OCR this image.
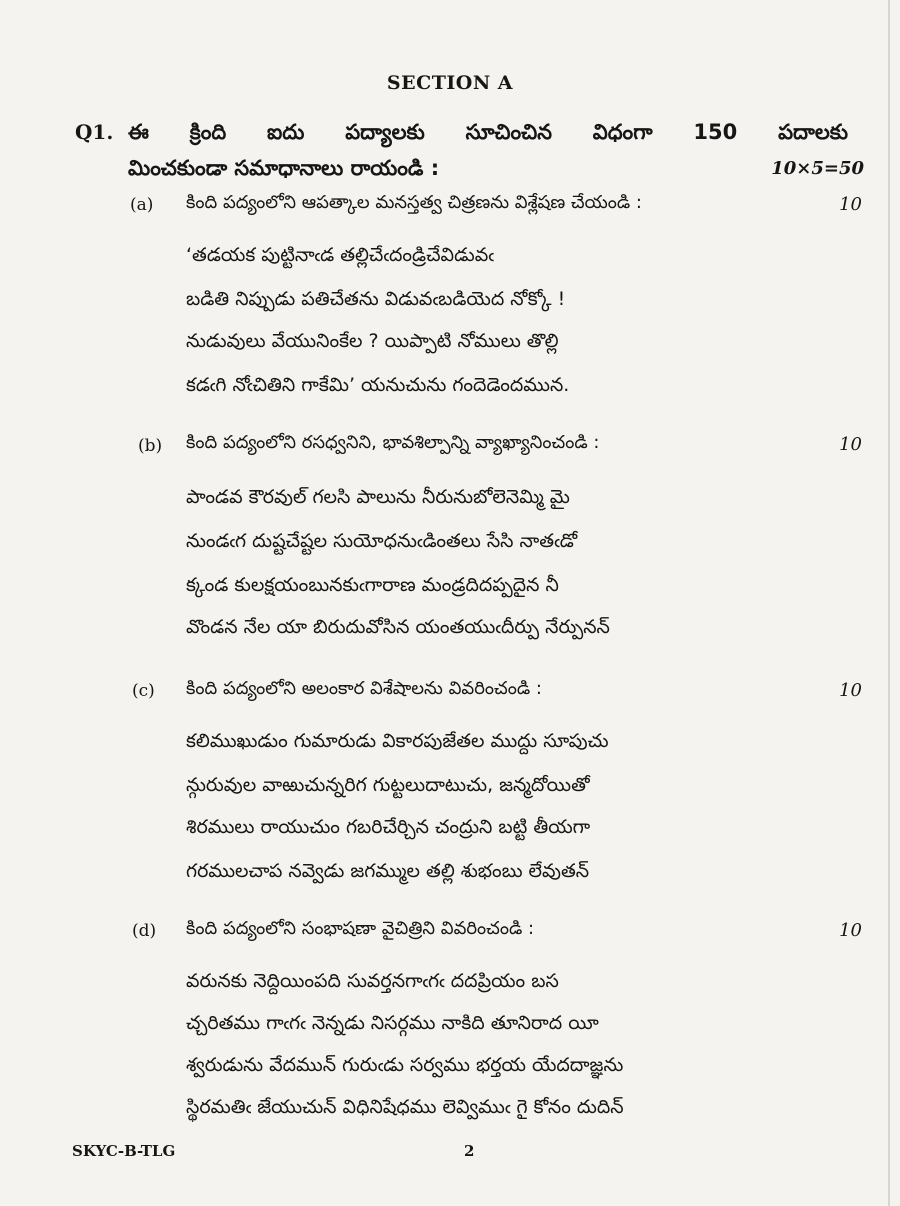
SECTION A
Q1. ఈ క్రింది ఐదు పద్యాలకు సూచించిన విధంగా 150 పదాలకు
మించకుండా సమాధానాలు రాయండి :	10×5=50
(a) కింది పద్యంలోని ఆపత్కాల మనస్తత్వ చిత్రణను విశ్లేషణ చేయండి :	10
‘తడయక పుట్టినాఁడ తల్లిచేఁదండ్రిచేవిడువఁ
బడితి నిప్పుడు పతిచేతను విడువఁబడియెద నోక్కో !
నుడువులు వేయునింకేల ? యిప్పాటి నోములు తొల్లి
కడఁగి నోఁచితిని గాకేమి’ యనుచును గందెడెందమున.
(b) కింది పద్యంలోని రసధ్వనిని, భావశిల్పాన్ని వ్యాఖ్యానించండి :	10
పాండవ కౌరవుల్ గలసి పాలును నీరునుబోలెనెమ్మి మై
నుండఁగ దుష్టచేష్టల సుయోధనుఁడింతలు సేసి నాతఁడో
క్కండ కులక్షయంబునకుఁగారాణ మండ్రదిదప్పదైన నీ
వొండన నేల యా బిరుదువోసిన యంతయుఁదీర్పు నేర్పునన్
(c) కింది పద్యంలోని అలంకార విశేషాలను వివరించండి :	10
కలిముఖుడుం గుమారుడు వికారపుజేతల ముద్దు సూపుచు
న్గురువుల వాఱుచున్నరిగ గుట్టలుదాటుచు, జన్మదోయితో
శిరములు రాయుచుం గబరిచేర్చిన చంద్రుని బట్టి తీయగా
గరములచాప నవ్వెడు జగమ్ముల తల్లి శుభంబు లేవుతన్
(d) కింది పద్యంలోని సంభాషణా వైచిత్రిని వివరించండి :	10
వరునకు నెద్దియింపది సువర్తనగాఁగఁ దదప్రియం బస
చ్చరితము గాఁగఁ నెన్నడు నిసర్గము నాకిది తూనిరాద యీ
శ్వరుడును వేదమున్ గురుఁడు సర్వము భర్తయ యేదదాజ్ఞను
స్థిరమతిఁ జేయుచున్ విధినిషేధము లెవ్విముఁ గై కోనం దుదిన్
SKYC-B-TLG	2
